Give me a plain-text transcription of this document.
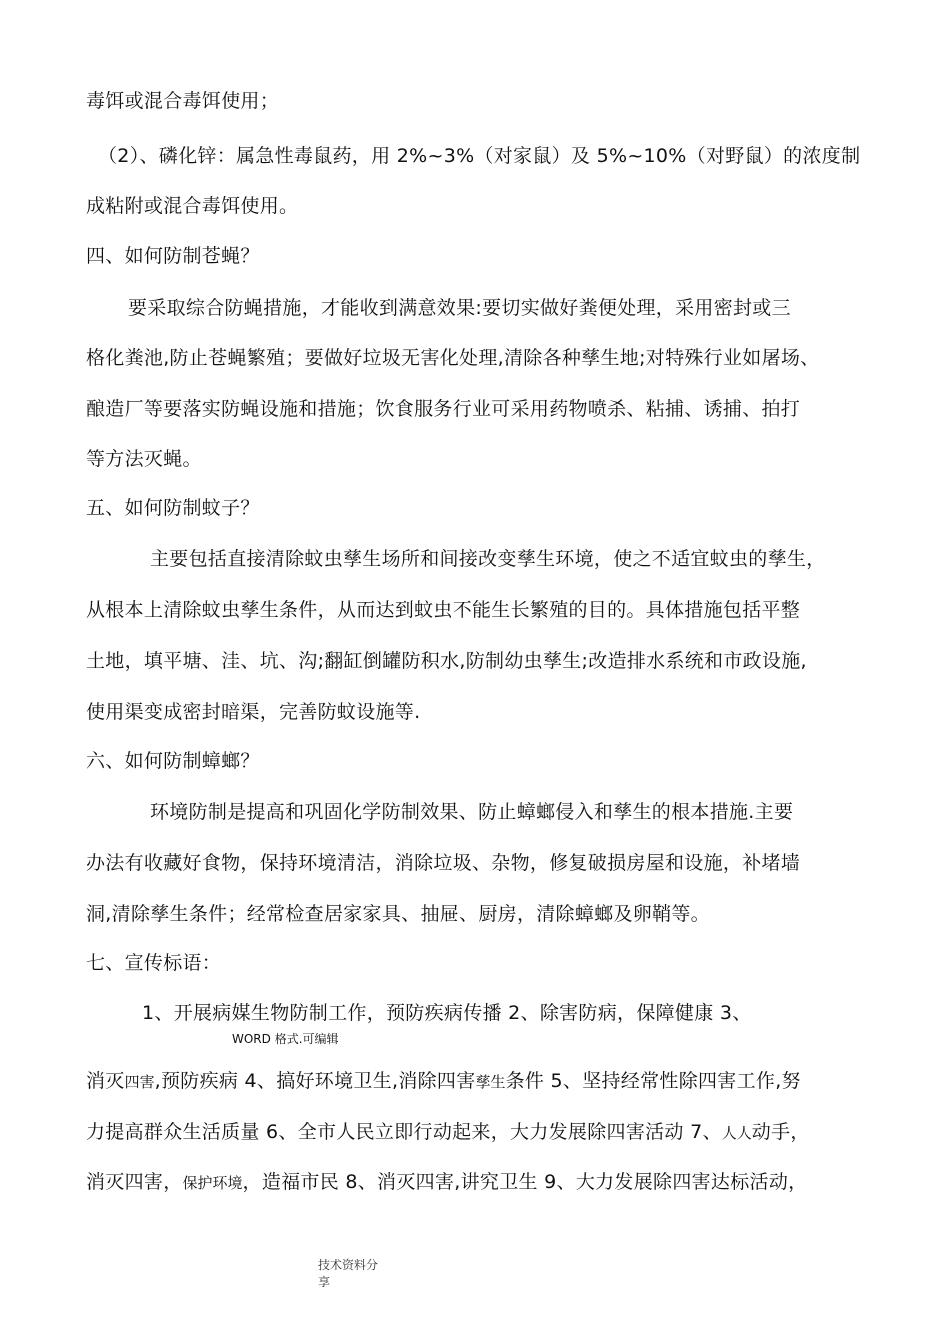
毒饵或混合毒饵使用；
（2）、磷化锌：属急性毒鼠药，用 2%~3%（对家鼠）及 5%~10%（对野鼠）的浓度制
成粘附或混合毒饵使用。
四、如何防制苍蝇？
要采取综合防蝇措施，才能收到满意效果:要切实做好粪便处理，采用密封或三
格化粪池,防止苍蝇繁殖；要做好垃圾无害化处理,清除各种孳生地;对特殊行业如屠场、
酿造厂等要落实防蝇设施和措施；饮食服务行业可采用药物喷杀、粘捕、诱捕、拍打
等方法灭蝇。
五、如何防制蚊子？
主要包括直接清除蚊虫孳生场所和间接改变孳生环境，使之不适宜蚊虫的孳生，
从根本上清除蚊虫孳生条件，从而达到蚊虫不能生长繁殖的目的。具体措施包括平整
土地，填平塘、洼、坑、沟;翻缸倒罐防积水,防制幼虫孳生;改造排水系统和市政设施,
使用渠变成密封暗渠，完善防蚊设施等.
六、如何防制蟑螂？
环境防制是提高和巩固化学防制效果、防止蟑螂侵入和孳生的根本措施.主要
办法有收藏好食物，保持环境清洁，消除垃圾、杂物，修复破损房屋和设施，补堵墙
洞,清除孳生条件；经常检查居家家具、抽屉、厨房，清除蟑螂及卵鞘等。
七、宣传标语：
1、开展病媒生物防制工作，预防疾病传播 2、除害防病，保障健康 3、
WORD 格式.可编辑
消灭四害,预防疾病 4、搞好环境卫生,消除四害孳生条件 5、坚持经常性除四害工作,努
力提高群众生活质量 6、全市人民立即行动起来，大力发展除四害活动 7、人人动手，
消灭四害，保护环境，造福市民 8、消灭四害,讲究卫生 9、大力发展除四害达标活动，
技术资料分
享
